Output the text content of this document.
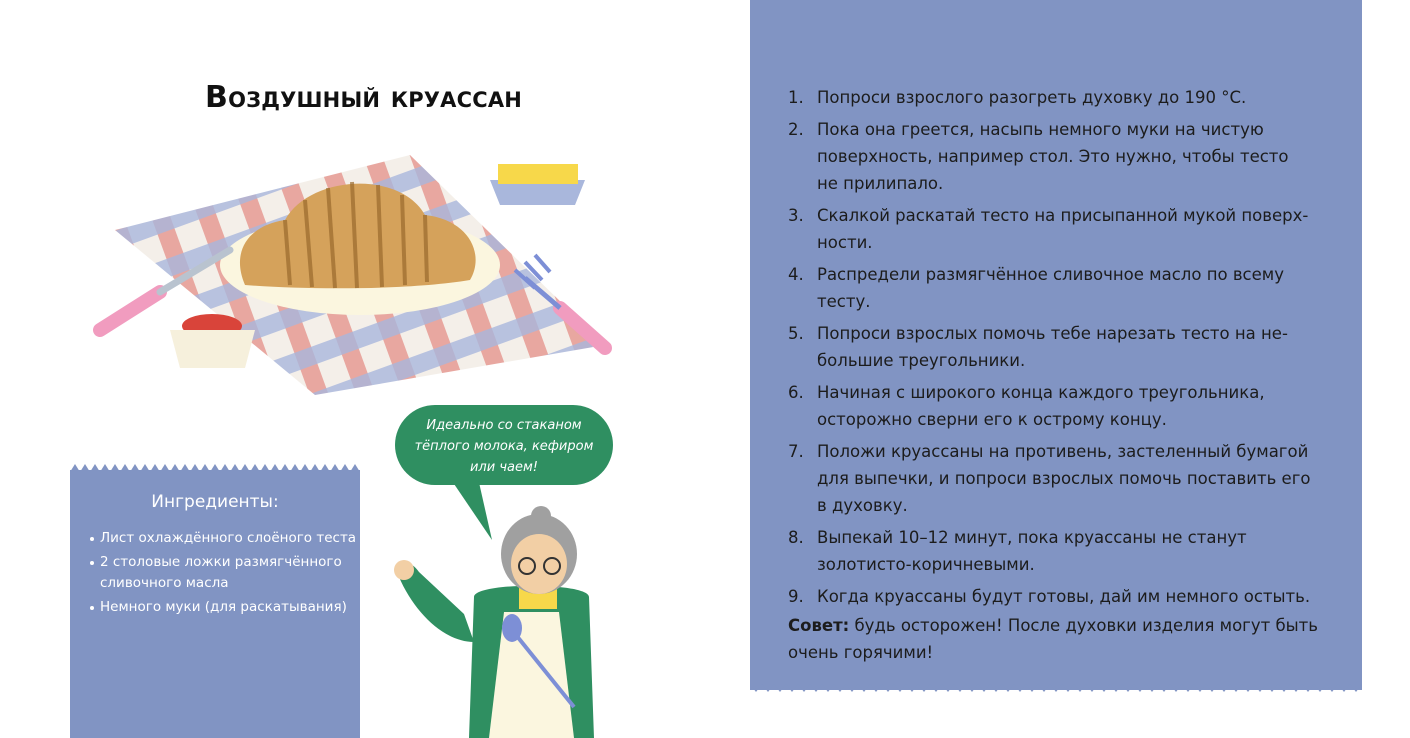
Воздушный круассан
Ингредиенты:
Лист охлаждённого слоёного теста
2 столовые ложки размягчённого сливочного масла
Немного муки (для раскатывания)
Идеально со стаканом
тёплого молока, кефиром
или чаем!
1. Попроси взрослого разогреть духовку до 190 °C.
2. Пока она греется, насыпь немного муки на чистую
поверхность, например стол. Это нужно, чтобы тесто
не прилипало.
3. Скалкой раскатай тесто на присыпанной мукой поверх-
ности.
4. Распредели размягчённое сливочное масло по всему
тесту.
5. Попроси взрослых помочь тебе нарезать тесто на не-
большие треугольники.
6. Начиная с широкого конца каждого треугольника,
осторожно сверни его к острому концу.
7. Положи круассаны на противень, застеленный бумагой
для выпечки, и попроси взрослых помочь поставить его
в духовку.
8. Выпекай 10–12 минут, пока круассаны не станут
золотисто-коричневыми.
9. Когда круассаны будут готовы, дай им немного остыть.
Совет: будь осторожен! После духовки изделия могут быть
очень горячими!
